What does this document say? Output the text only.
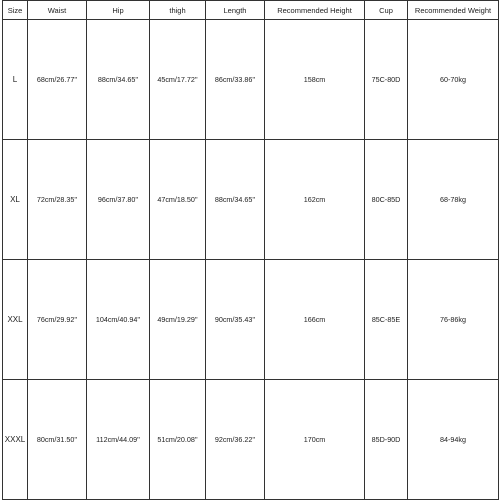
Size	Waist	Hip	thigh	Length	Recommended Height	Cup	Recommended Weight
L	68cm/26.77''	88cm/34.65''	45cm/17.72''	86cm/33.86''	158cm	75C-80D	60-70kg
XL	72cm/28.35''	96cm/37.80''	47cm/18.50''	88cm/34.65''	162cm	80C-85D	68-78kg
XXL	76cm/29.92''	104cm/40.94''	49cm/19.29''	90cm/35.43''	166cm	85C-85E	76-86kg
XXXL	80cm/31.50''	112cm/44.09''	51cm/20.08''	92cm/36.22''	170cm	85D-90D	84-94kg
